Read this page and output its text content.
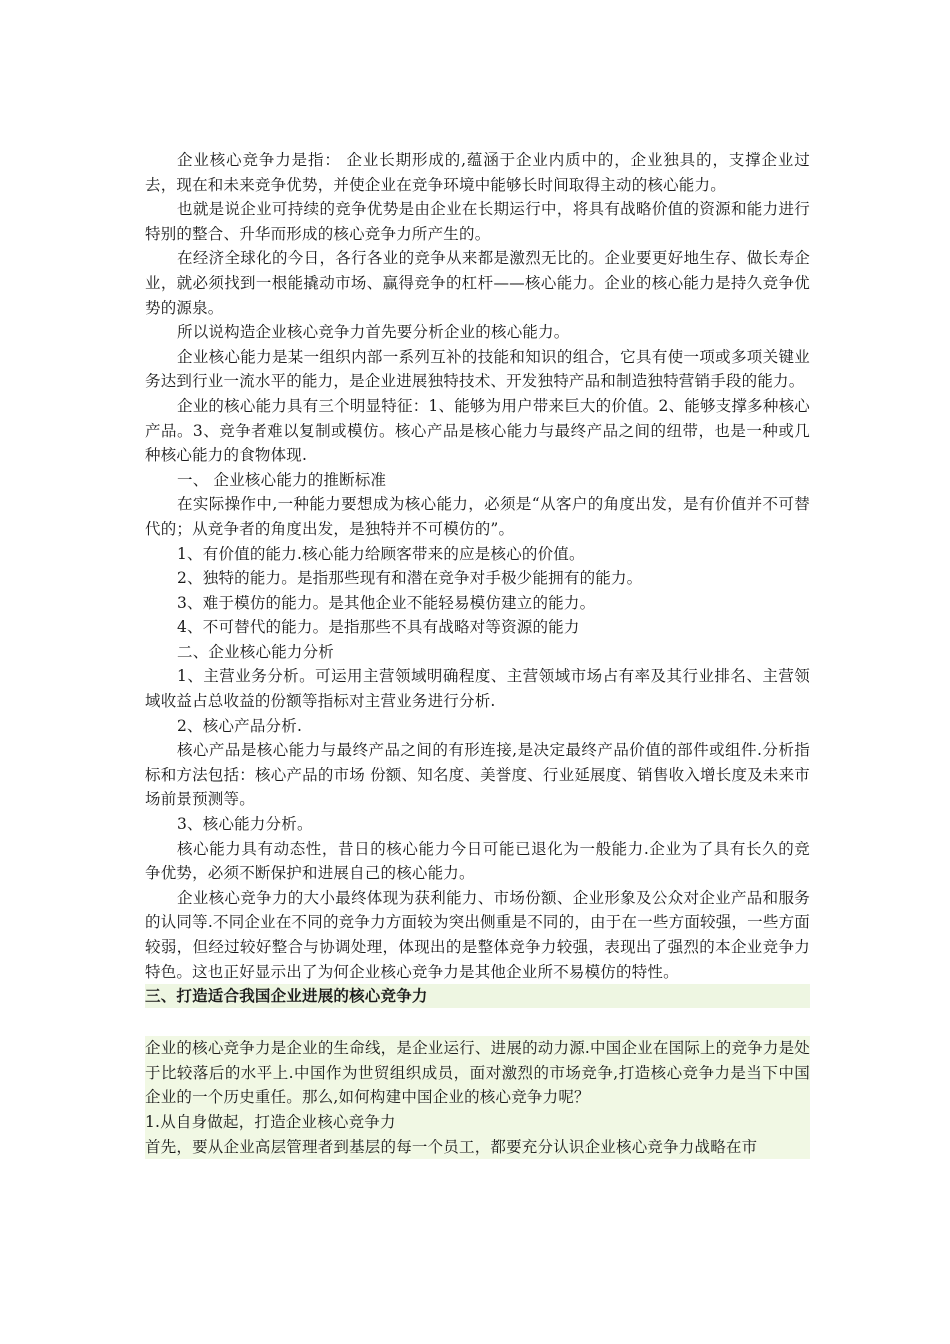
企业核心竞争力是指： 企业长期形成的,蕴涵于企业内质中的，企业独具的，支撑企业过去，现在和未来竞争优势，并使企业在竞争环境中能够长时间取得主动的核心能力。

也就是说企业可持续的竞争优势是由企业在长期运行中，将具有战略价值的资源和能力进行特别的整合、升华而形成的核心竞争力所产生的。

在经济全球化的今日，各行各业的竞争从来都是激烈无比的。企业要更好地生存、做长寿企业，就必须找到一根能撬动市场、赢得竞争的杠杆——核心能力。企业的核心能力是持久竞争优势的源泉。

所以说构造企业核心竞争力首先要分析企业的核心能力。

企业核心能力是某一组织内部一系列互补的技能和知识的组合，它具有使一项或多项关键业务达到行业一流水平的能力，是企业进展独特技术、开发独特产品和制造独特营销手段的能力。

企业的核心能力具有三个明显特征：1、能够为用户带来巨大的价值。2、能够支撑多种核心产品。3、竞争者难以复制或模仿。核心产品是核心能力与最终产品之间的纽带，也是一种或几种核心能力的食物体现.

一、 企业核心能力的推断标准

在实际操作中,一种能力要想成为核心能力，必须是“从客户的角度出发，是有价值并不可替代的；从竞争者的角度出发，是独特并不可模仿的”。

1、有价值的能力.核心能力给顾客带来的应是核心的价值。

2、独特的能力。是指那些现有和潜在竞争对手极少能拥有的能力。

3、难于模仿的能力。是其他企业不能轻易模仿建立的能力。

4、不可替代的能力。是指那些不具有战略对等资源的能力

二、企业核心能力分析

1、主营业务分析。可运用主营领域明确程度、主营领域市场占有率及其行业排名、主营领域收益占总收益的份额等指标对主营业务进行分析.

2、核心产品分析.

核心产品是核心能力与最终产品之间的有形连接,是决定最终产品价值的部件或组件.分析指标和方法包括：核心产品的市场 份额、知名度、美誉度、行业延展度、销售收入增长度及未来市场前景预测等。

3、核心能力分析。

核心能力具有动态性，昔日的核心能力今日可能已退化为一般能力.企业为了具有长久的竞争优势，必须不断保护和进展自己的核心能力。

企业核心竞争力的大小最终体现为获利能力、市场份额、企业形象及公众对企业产品和服务的认同等.不同企业在不同的竞争力方面较为突出侧重是不同的，由于在一些方面较强，一些方面较弱，但经过较好整合与协调处理，体现出的是整体竞争力较强，表现出了强烈的本企业竞争力特色。这也正好显示出了为何企业核心竞争力是其他企业所不易模仿的特性。

三、打造适合我国企业进展的核心竞争力

企业的核心竞争力是企业的生命线，是企业运行、进展的动力源.中国企业在国际上的竞争力是处于比较落后的水平上.中国作为世贸组织成员，面对激烈的市场竞争,打造核心竞争力是当下中国企业的一个历史重任。那么,如何构建中国企业的核心竞争力呢？

1.从自身做起，打造企业核心竞争力

首先，要从企业高层管理者到基层的每一个员工，都要充分认识企业核心竞争力战略在市
